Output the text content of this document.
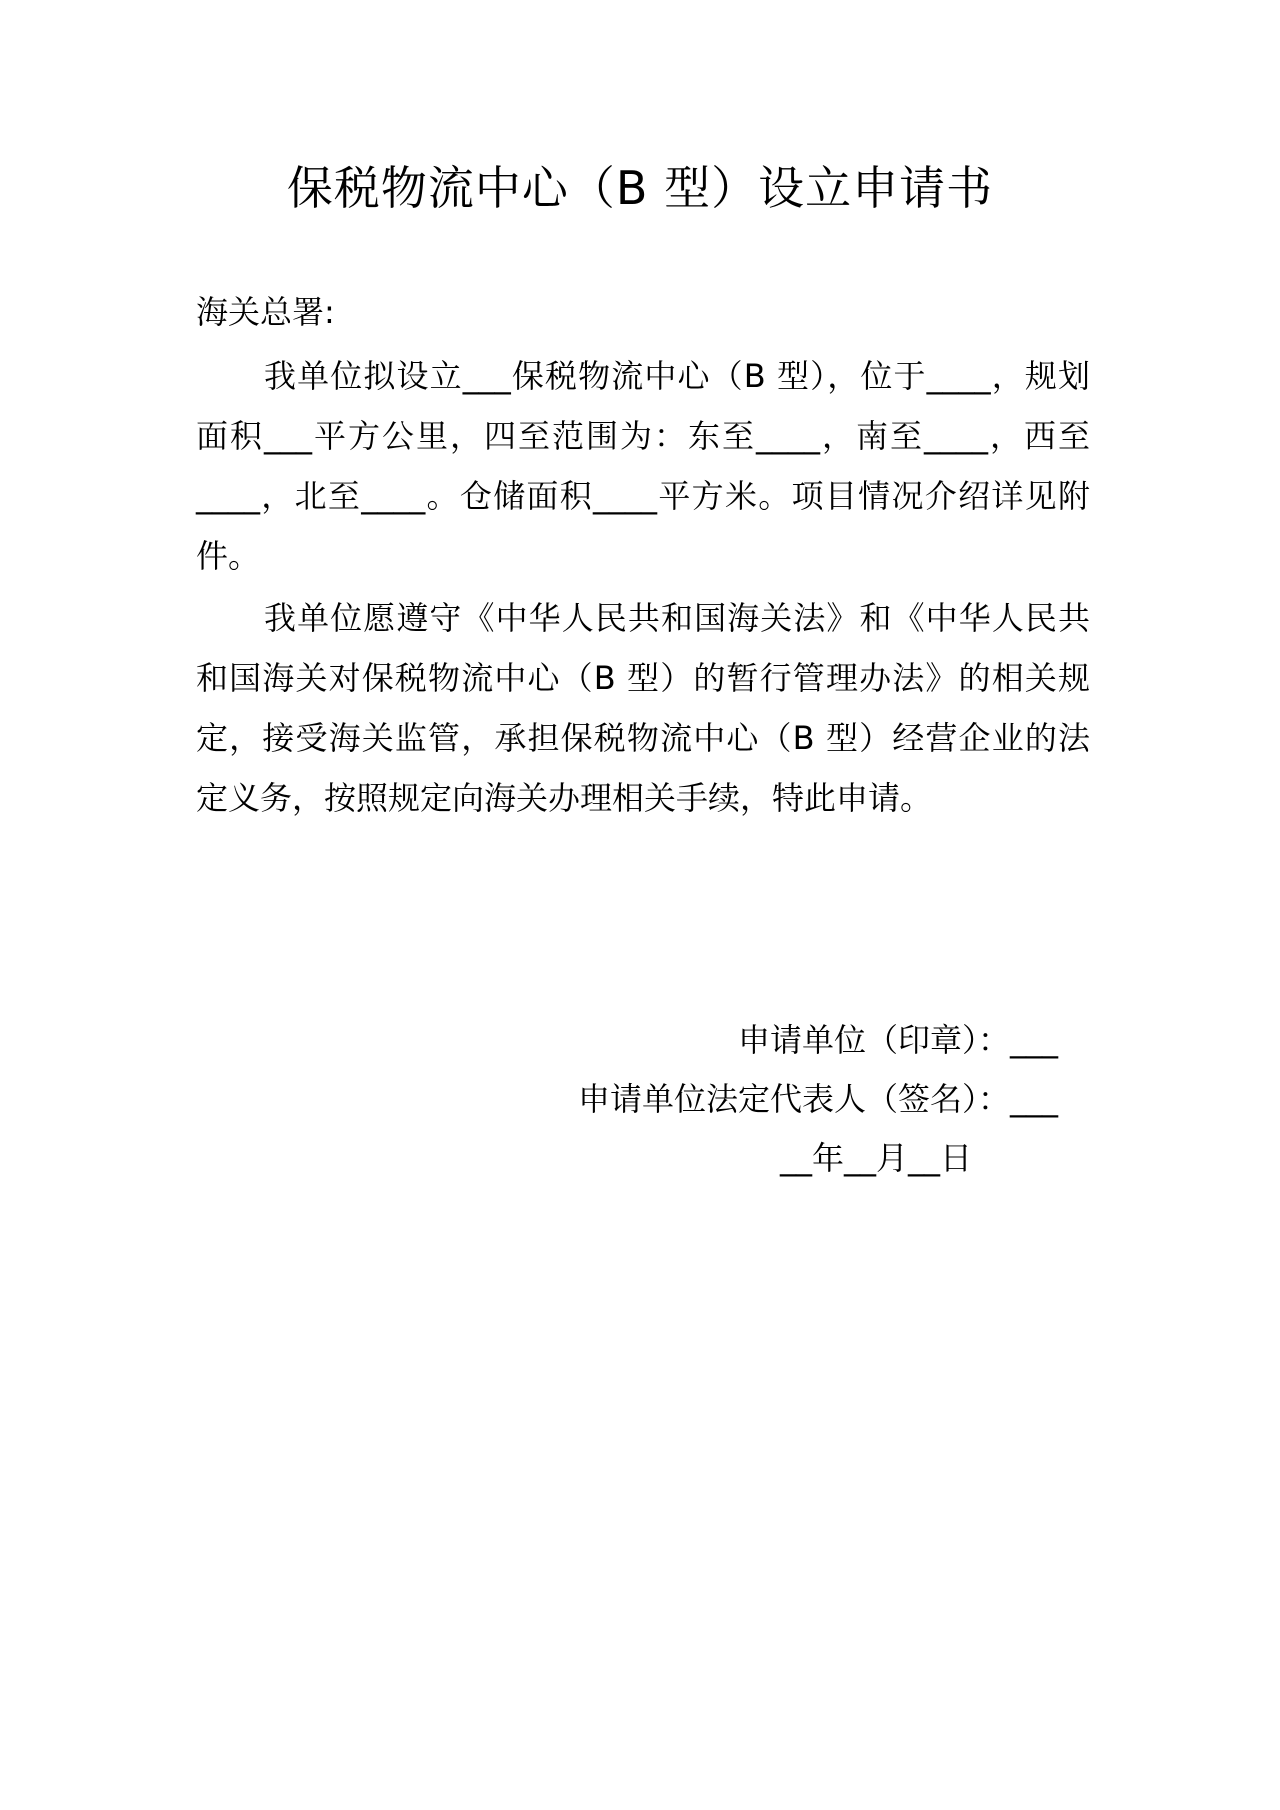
保税物流中心（B 型）设立申请书
海关总署:
我单位拟设立___保税物流中心（B 型），位于____，规划面积___平方公里，四至范围为：东至____，南至____，西至____，北至____。仓储面积____平方米。项目情况介绍详见附件。
我单位愿遵守《中华人民共和国海关法》和《中华人民共和国海关对保税物流中心（B 型）的暂行管理办法》的相关规定，接受海关监管，承担保税物流中心（B 型）经营企业的法定义务，按照规定向海关办理相关手续，特此申请。
申请单位（印章）：___
申请单位法定代表人（签名）：___
__年__月__日
